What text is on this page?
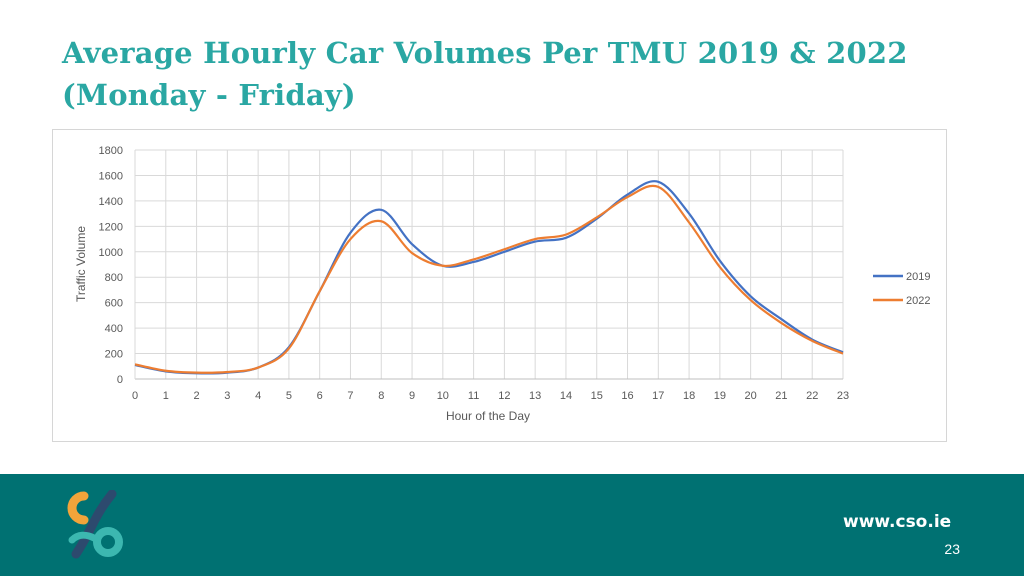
Average Hourly Car Volumes Per TMU 2019 & 2022
(Monday - Friday)
0
200
400
600
800
1000
1200
1400
1600
1800
0 1 2 3 4 5 6 7 8 9 10 11 12 13 14 15 16 17 18 19 20 21 22 23
Hour of the Day
Traffic Volume	2019
2022
www.cso.ie
23
